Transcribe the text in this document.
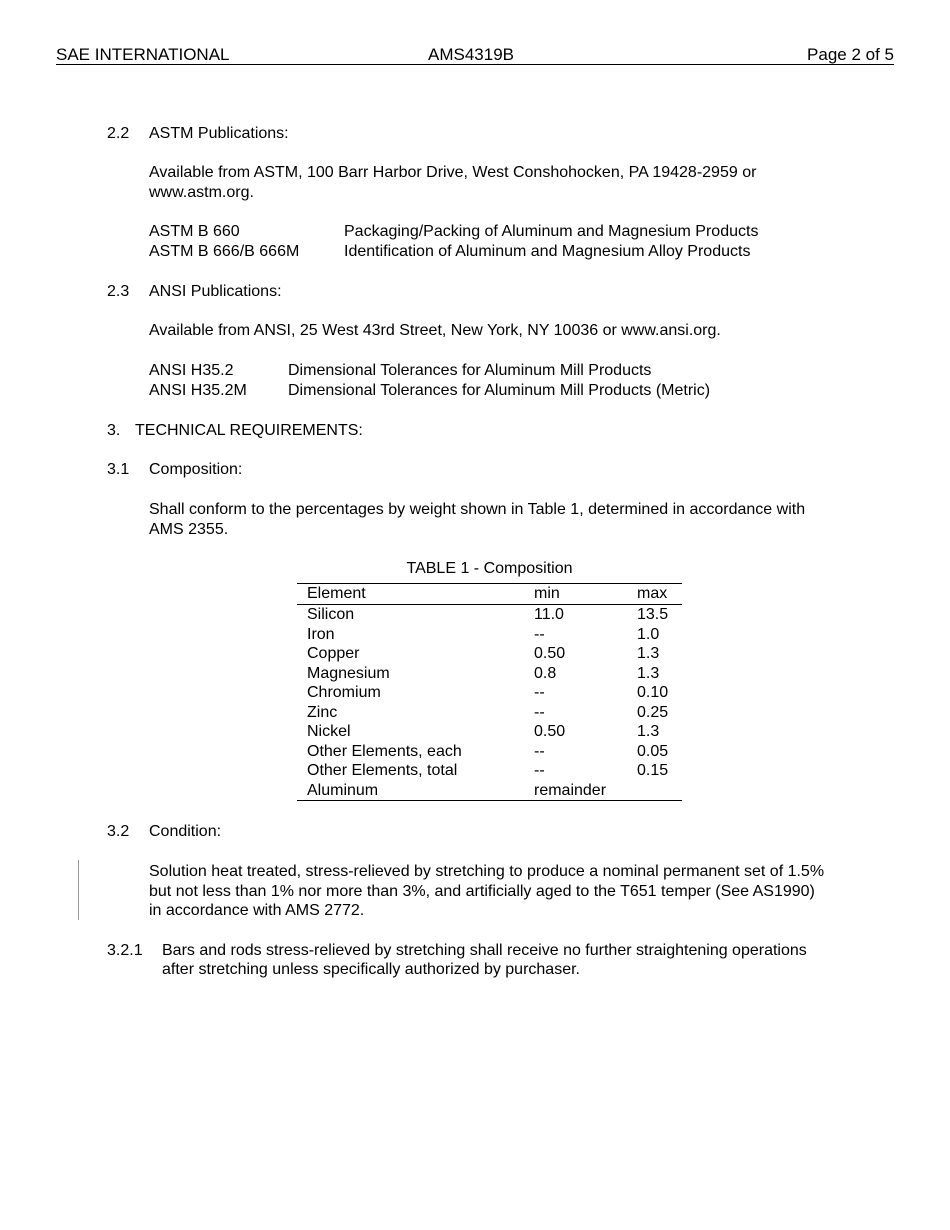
SAE INTERNATIONAL	AMS4319B	Page 2 of 5
2.2 ASTM Publications:
Available from ASTM, 100 Barr Harbor Drive, West Conshohocken, PA 19428-2959 or
www.astm.org.
ASTM B 660	Packaging/Packing of Aluminum and Magnesium Products
ASTM B 666/B 666M	Identification of Aluminum and Magnesium Alloy Products
2.3 ANSI Publications:
Available from ANSI, 25 West 43rd Street, New York, NY 10036 or www.ansi.org.
ANSI H35.2	Dimensional Tolerances for Aluminum Mill Products
ANSI H35.2M	Dimensional Tolerances for Aluminum Mill Products (Metric)
3. TECHNICAL REQUIREMENTS:
3.1 Composition:
Shall conform to the percentages by weight shown in Table 1, determined in accordance with
AMS 2355.
TABLE 1 - Composition
Element	min	max
Silicon	11.0	13.5
Iron	--	1.0
Copper	0.50	1.3
Magnesium	0.8	1.3
Chromium	--	0.10
Zinc	--	0.25
Nickel	0.50	1.3
Other Elements, each	--	0.05
Other Elements, total	--	0.15
Aluminum	remainder	
3.2 Condition:
Solution heat treated, stress-relieved by stretching to produce a nominal permanent set of 1.5%
but not less than 1% nor more than 3%, and artificially aged to the T651 temper (See AS1990)
in accordance with AMS 2772.
3.2.1 Bars and rods stress-relieved by stretching shall receive no further straightening operations
after stretching unless specifically authorized by purchaser.
